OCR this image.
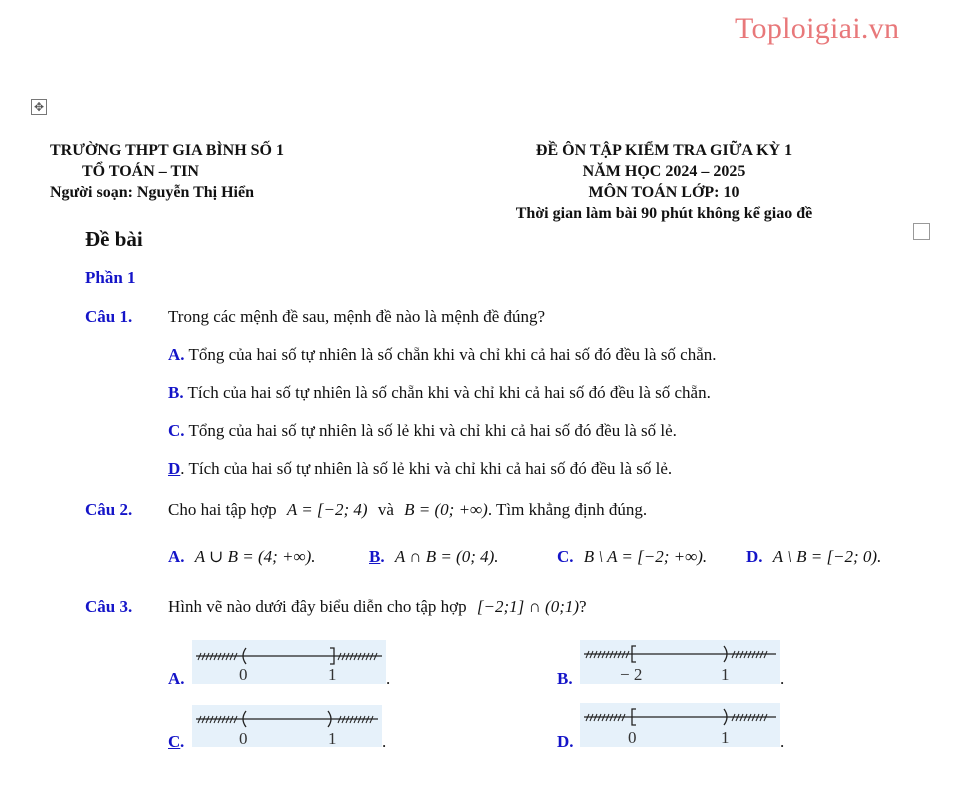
Toploigiai.vn
✥
TRƯỜNG THPT GIA BÌNH SỐ 1
TỔ TOÁN – TIN
Người soạn: Nguyễn Thị Hiển
ĐỀ ÔN TẬP KIỂM TRA GIỮA KỲ 1
NĂM HỌC 2024 – 2025
MÔN TOÁN LỚP: 10
Thời gian làm bài 90 phút không kể giao đề
Đề bài
Phần 1
Câu 1. Trong các mệnh đề sau, mệnh đề nào là mệnh đề đúng?
A. Tổng của hai số tự nhiên là số chẵn khi và chỉ khi cả hai số đó đều là số chẵn.
B. Tích của hai số tự nhiên là số chẵn khi và chỉ khi cả hai số đó đều là số chẵn.
C. Tổng của hai số tự nhiên là số lẻ khi và chỉ khi cả hai số đó đều là số lẻ.
D. Tích của hai số tự nhiên là số lẻ khi và chỉ khi cả hai số đó đều là số lẻ.
Câu 2. Cho hai tập hợp A = [−2; 4) và B = (0; +∞). Tìm khẳng định đúng.
A. A ∪ B = (4; +∞).	B. A ∩ B = (0; 4).	C. B \ A = [−2; +∞). D. A \ B = [−2; 0).
Câu 3. Hình vẽ nào dưới đây biểu diễn cho tập hợp [−2;1] ∩ (0;1)?
A.	0	1	.	B.	− 2	1	.
C .	0	1	.	D.	0	1	.
